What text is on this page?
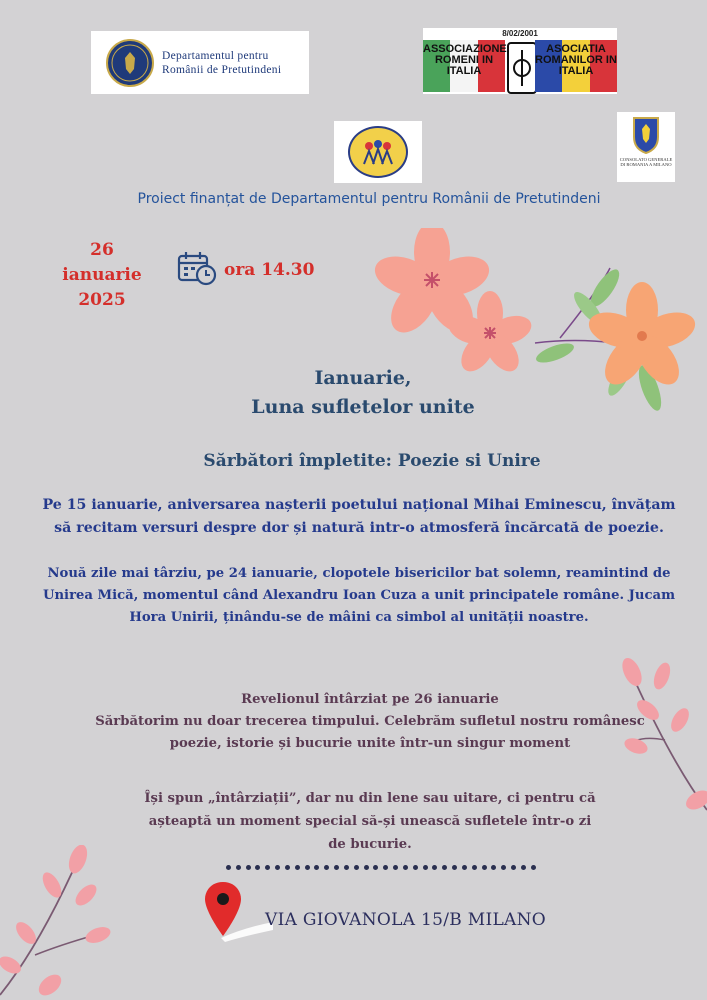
Departamentul pentru
Românii de Pretutindeni
8/02/2001
ASSOCIAZIONE ROMENI IN ITALIA
ASOCIATIA ROMANILOR IN ITALIA
CONSOLATO GENERALE DI ROMANIA A MILANO
Proiect finanțat de Departamentul pentru Românii de Pretutindeni
26 ianuarie
2025
ora 14.30
Ianuarie,
Luna sufletelor unite
Sărbători împletite: Poezie si Unire
Pe 15 ianuarie, aniversarea nașterii poetului național Mihai Eminescu, învățam să recitam versuri despre dor și natură intr-o atmosferă încărcată de poezie.
Nouă zile mai târziu, pe 24 ianuarie, clopotele bisericilor bat solemn, reamintind de Unirea Mică, momentul când Alexandru Ioan Cuza a unit principatele române. Jucam Hora Unirii, ținându-se de mâini ca simbol al unității noastre.
Revelionul întârziat pe 26 ianuarie
Sărbătorim nu doar trecerea timpului. Celebrăm sufletul nostru românesc
poezie, istorie și bucurie unite într-un singur moment
Își spun „întârziații”, dar nu din lene sau uitare, ci pentru că așteaptă un moment special să-și unească sufletele într-o zi de bucurie.
VIA GIOVANOLA 15/B MILANO
